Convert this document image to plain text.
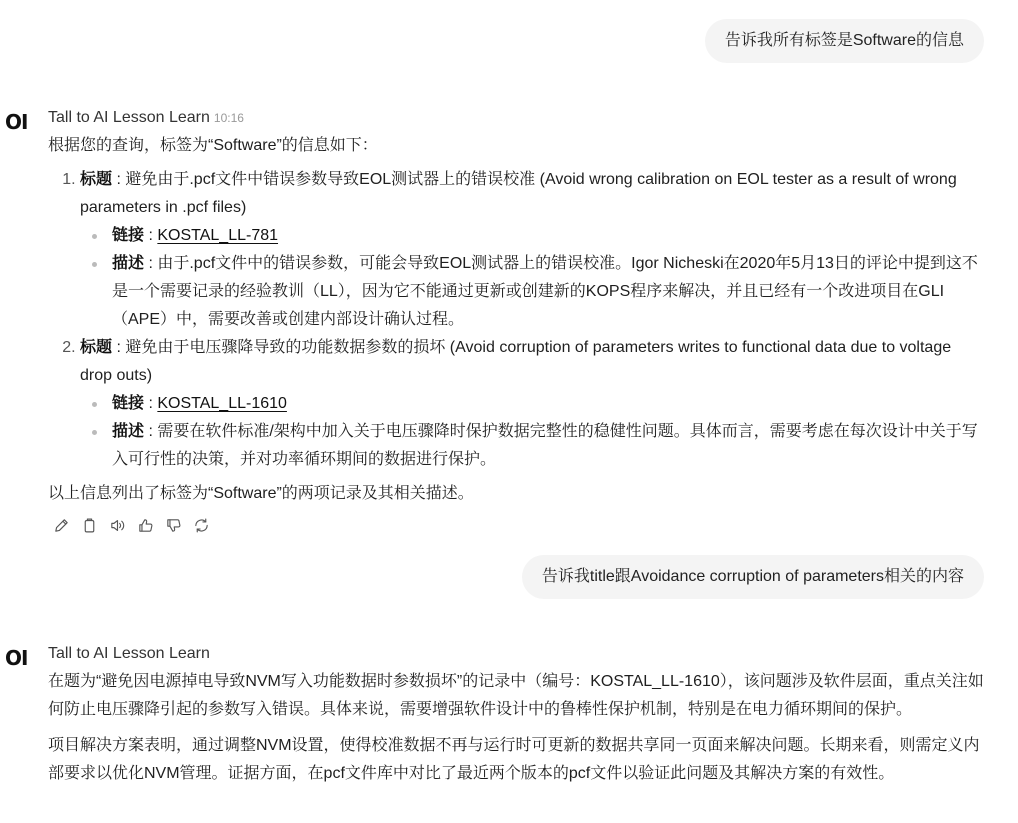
告诉我所有标签是Software的信息
OI Tall to AI Lesson Learn 10:16

根据您的查询，标签为“Software”的信息如下：

1. 标题 : 避免由于.pcf文件中错误参数导致EOL测试器上的错误校准 (Avoid wrong calibration on EOL tester as a result of wrong parameters in .pcf files)
链接 : KOSTAL_LL-781
描述 : 由于.pcf文件中的错误参数，可能会导致EOL测试器上的错误校准。Igor Nicheski在2020年5月13日的评论中提到这不是一个需要记录的经验教训（LL），因为它不能通过更新或创建新的KOPS程序来解决，并且已经有一个改进项目在GLI（APE）中，需要改善或创建内部设计确认过程。
2. 标题 : 避免由于电压骤降导致的功能数据参数的损坏 (Avoid corruption of parameters writes to functional data due to voltage drop outs)
链接 : KOSTAL_LL-1610
描述 : 需要在软件标准/架构中加入关于电压骤降时保护数据完整性的稳健性问题。具体而言，需要考虑在每次设计中关于写入可行性的决策，并对功率循环期间的数据进行保护。

以上信息列出了标签为“Software”的两项记录及其相关描述。

告诉我title跟Avoidance corruption of parameters相关的内容
OI Tall to AI Lesson Learn

在题为“避免因电源掉电导致NVM写入功能数据时参数损坏”的记录中（编号：KOSTAL_LL-1610），该问题涉及软件层面，重点关注如何防止电压骤降引起的参数写入错误。具体来说，需要增强软件设计中的鲁棒性保护机制，特别是在电力循环期间的保护。

项目解决方案表明，通过调整NVM设置，使得校准数据不再与运行时可更新的数据共享同一页面来解决问题。长期来看，则需定义内部要求以优化NVM管理。证据方面，在pcf文件库中对比了最近两个版本的pcf文件以验证此问题及其解决方案的有效性。
